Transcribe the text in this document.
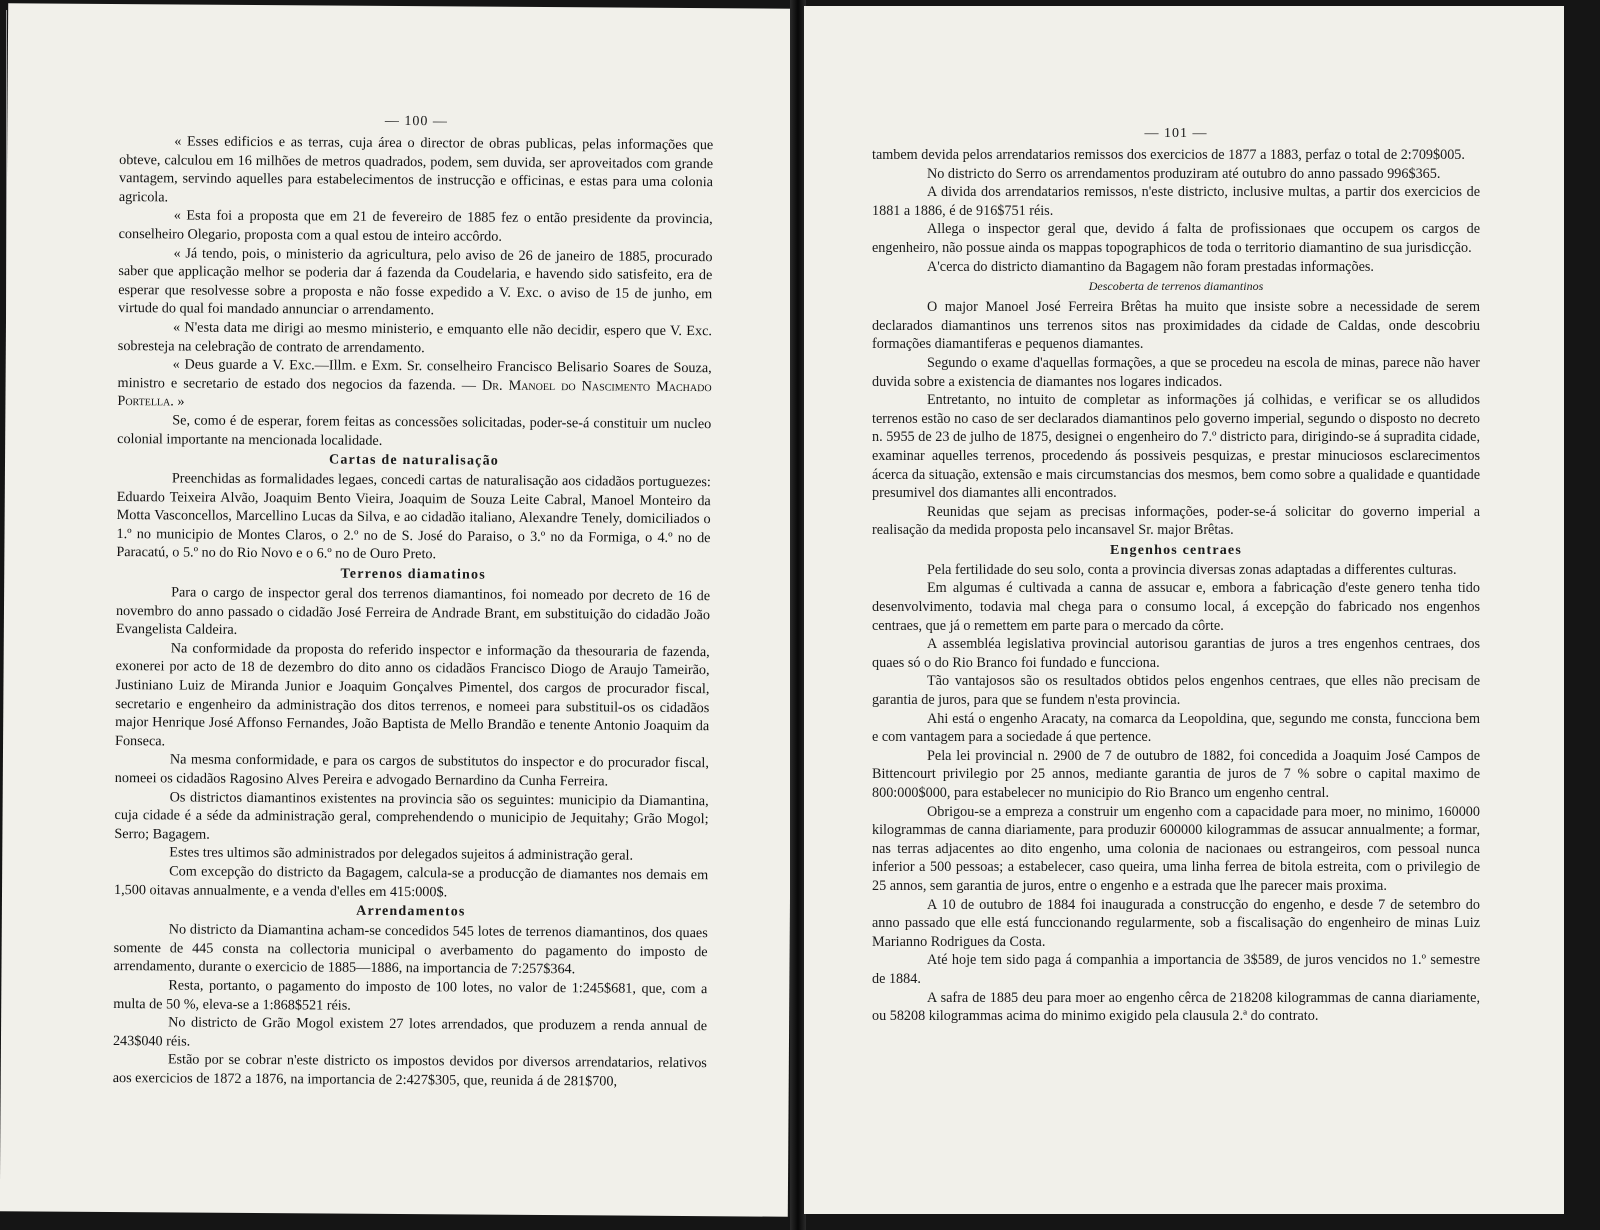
— 100 —

« Esses edificios e as terras, cuja área o director de obras publicas, pelas informações que obteve, calculou em 16 milhões de metros quadrados, podem, sem duvida, ser aproveitados com grande vantagem, servindo aquelles para estabelecimentos de instrucção e officinas, e estas para uma colonia agricola.

« Esta foi a proposta que em 21 de fevereiro de 1885 fez o então presidente da provincia, conselheiro Olegario, proposta com a qual estou de inteiro accôrdo.

« Já tendo, pois, o ministerio da agricultura, pelo aviso de 26 de janeiro de 1885, procurado saber que applicação melhor se poderia dar á fazenda da Coudelaria, e havendo sido satisfeito, era de esperar que resolvesse sobre a proposta e não fosse expedido a V. Exc. o aviso de 15 de junho, em virtude do qual foi mandado annunciar o arrendamento.

« N'esta data me dirigi ao mesmo ministerio, e emquanto elle não decidir, espero que V. Exc. sobresteja na celebração de contrato de arrendamento.

« Deus guarde a V. Exc.—Illm. e Exm. Sr. conselheiro Francisco Belisario Soares de Souza, ministro e secretario de estado dos negocios da fazenda. — Dr. Manoel do Nascimento Machado Portella. »

Se, como é de esperar, forem feitas as concessões solicitadas, poder-se-á constituir um nucleo colonial importante na mencionada localidade.

Cartas de naturalisação

Preenchidas as formalidades legaes, concedi cartas de naturalisação aos cidadãos portuguezes: Eduardo Teixeira Alvão, Joaquim Bento Vieira, Joaquim de Souza Leite Cabral, Manoel Monteiro da Motta Vasconcellos, Marcellino Lucas da Silva, e ao cidadão italiano, Alexandre Tenely, domiciliados o 1.º no municipio de Montes Claros, o 2.º no de S. José do Paraiso, o 3.º no da Formiga, o 4.º no de Paracatú, o 5.º no do Rio Novo e o 6.º no de Ouro Preto.

Terrenos diamatinos

Para o cargo de inspector geral dos terrenos diamantinos, foi nomeado por decreto de 16 de novembro do anno passado o cidadão José Ferreira de Andrade Brant, em substituição do cidadão João Evangelista Caldeira.

Na conformidade da proposta do referido inspector e informação da thesouraria de fazenda, exonerei por acto de 18 de dezembro do dito anno os cidadãos Francisco Diogo de Araujo Tameirão, Justiniano Luiz de Miranda Junior e Joaquim Gonçalves Pimentel, dos cargos de procurador fiscal, secretario e engenheiro da administração dos ditos terrenos, e nomeei para substituil-os os cidadãos major Henrique José Affonso Fernandes, João Baptista de Mello Brandão e tenente Antonio Joaquim da Fonseca.

Na mesma conformidade, e para os cargos de substitutos do inspector e do procurador fiscal, nomeei os cidadãos Ragosino Alves Pereira e advogado Bernardino da Cunha Ferreira.

Os districtos diamantinos existentes na provincia são os seguintes: municipio da Diamantina, cuja cidade é a séde da administração geral, comprehendendo o municipio de Jequitahy; Grão Mogol; Serro; Bagagem.

Estes tres ultimos são administrados por delegados sujeitos á administração geral.

Com excepção do districto da Bagagem, calcula-se a producção de diamantes nos demais em 1,500 oitavas annualmente, e a venda d'elles em 415:000$.

Arrendamentos

No districto da Diamantina acham-se concedidos 545 lotes de terrenos diamantinos, dos quaes somente de 445 consta na collectoria municipal o averbamento do pagamento do imposto de arrendamento, durante o exercicio de 1885—1886, na importancia de 7:257$364.

Resta, portanto, o pagamento do imposto de 100 lotes, no valor de 1:245$681, que, com a multa de 50 %, eleva-se a 1:868$521 réis.

No districto de Grão Mogol existem 27 lotes arrendados, que produzem a renda annual de 243$040 réis.

Estão por se cobrar n'este districto os impostos devidos por diversos arrendatarios, relativos aos exercicios de 1872 a 1876, na importancia de 2:427$305, que, reunida á de 281$700,

— 101 —

tambem devida pelos arrendatarios remissos dos exercicios de 1877 a 1883, perfaz o total de 2:709$005.

No districto do Serro os arrendamentos produziram até outubro do anno passado 996$365.

A divida dos arrendatarios remissos, n'este districto, inclusive multas, a partir dos exercicios de 1881 a 1886, é de 916$751 réis.

Allega o inspector geral que, devido á falta de profissionaes que occupem os cargos de engenheiro, não possue ainda os mappas topographicos de toda o territorio diamantino de sua jurisdicção.

A'cerca do districto diamantino da Bagagem não foram prestadas informações.

Descoberta de terrenos diamantinos

O major Manoel José Ferreira Brêtas ha muito que insiste sobre a necessidade de serem declarados diamantinos uns terrenos sitos nas proximidades da cidade de Caldas, onde descobriu formações diamantiferas e pequenos diamantes.

Segundo o exame d'aquellas formações, a que se procedeu na escola de minas, parece não haver duvida sobre a existencia de diamantes nos logares indicados.

Entretanto, no intuito de completar as informações já colhidas, e verificar se os alludidos terrenos estão no caso de ser declarados diamantinos pelo governo imperial, segundo o disposto no decreto n. 5955 de 23 de julho de 1875, designei o engenheiro do 7.º districto para, dirigindo-se á supradita cidade, examinar aquelles terrenos, procedendo ás possiveis pesquizas, e prestar minuciosos esclarecimentos ácerca da situação, extensão e mais circumstancias dos mesmos, bem como sobre a qualidade e quantidade presumivel dos diamantes alli encontrados.

Reunidas que sejam as precisas informações, poder-se-á solicitar do governo imperial a realisação da medida proposta pelo incansavel Sr. major Brêtas.

Engenhos centraes

Pela fertilidade do seu solo, conta a provincia diversas zonas adaptadas a differentes culturas.

Em algumas é cultivada a canna de assucar e, embora a fabricação d'este genero tenha tido desenvolvimento, todavia mal chega para o consumo local, á excepção do fabricado nos engenhos centraes, que já o remettem em parte para o mercado da côrte.

A assembléa legislativa provincial autorisou garantias de juros a tres engenhos centraes, dos quaes só o do Rio Branco foi fundado e funcciona.

Tão vantajosos são os resultados obtidos pelos engenhos centraes, que elles não precisam de garantia de juros, para que se fundem n'esta provincia.

Ahi está o engenho Aracaty, na comarca da Leopoldina, que, segundo me consta, funcciona bem e com vantagem para a sociedade á que pertence.

Pela lei provincial n. 2900 de 7 de outubro de 1882, foi concedida a Joaquim José Campos de Bittencourt privilegio por 25 annos, mediante garantia de juros de 7 % sobre o capital maximo de 800:000$000, para estabelecer no municipio do Rio Branco um engenho central.

Obrigou-se a empreza a construir um engenho com a capacidade para moer, no minimo, 160000 kilogrammas de canna diariamente, para produzir 600000 kilogrammas de assucar annualmente; a formar, nas terras adjacentes ao dito engenho, uma colonia de nacionaes ou estrangeiros, com pessoal nunca inferior a 500 pessoas; a estabelecer, caso queira, uma linha ferrea de bitola estreita, com o privilegio de 25 annos, sem garantia de juros, entre o engenho e a estrada que lhe parecer mais proxima.

A 10 de outubro de 1884 foi inaugurada a construcção do engenho, e desde 7 de setembro do anno passado que elle está funccionando regularmente, sob a fiscalisação do engenheiro de minas Luiz Marianno Rodrigues da Costa.

Até hoje tem sido paga á companhia a importancia de 3$589, de juros vencidos no 1.º semestre de 1884.

A safra de 1885 deu para moer ao engenho cêrca de 218208 kilogrammas de canna diariamente, ou 58208 kilogrammas acima do minimo exigido pela clausula 2.ª do contrato.
